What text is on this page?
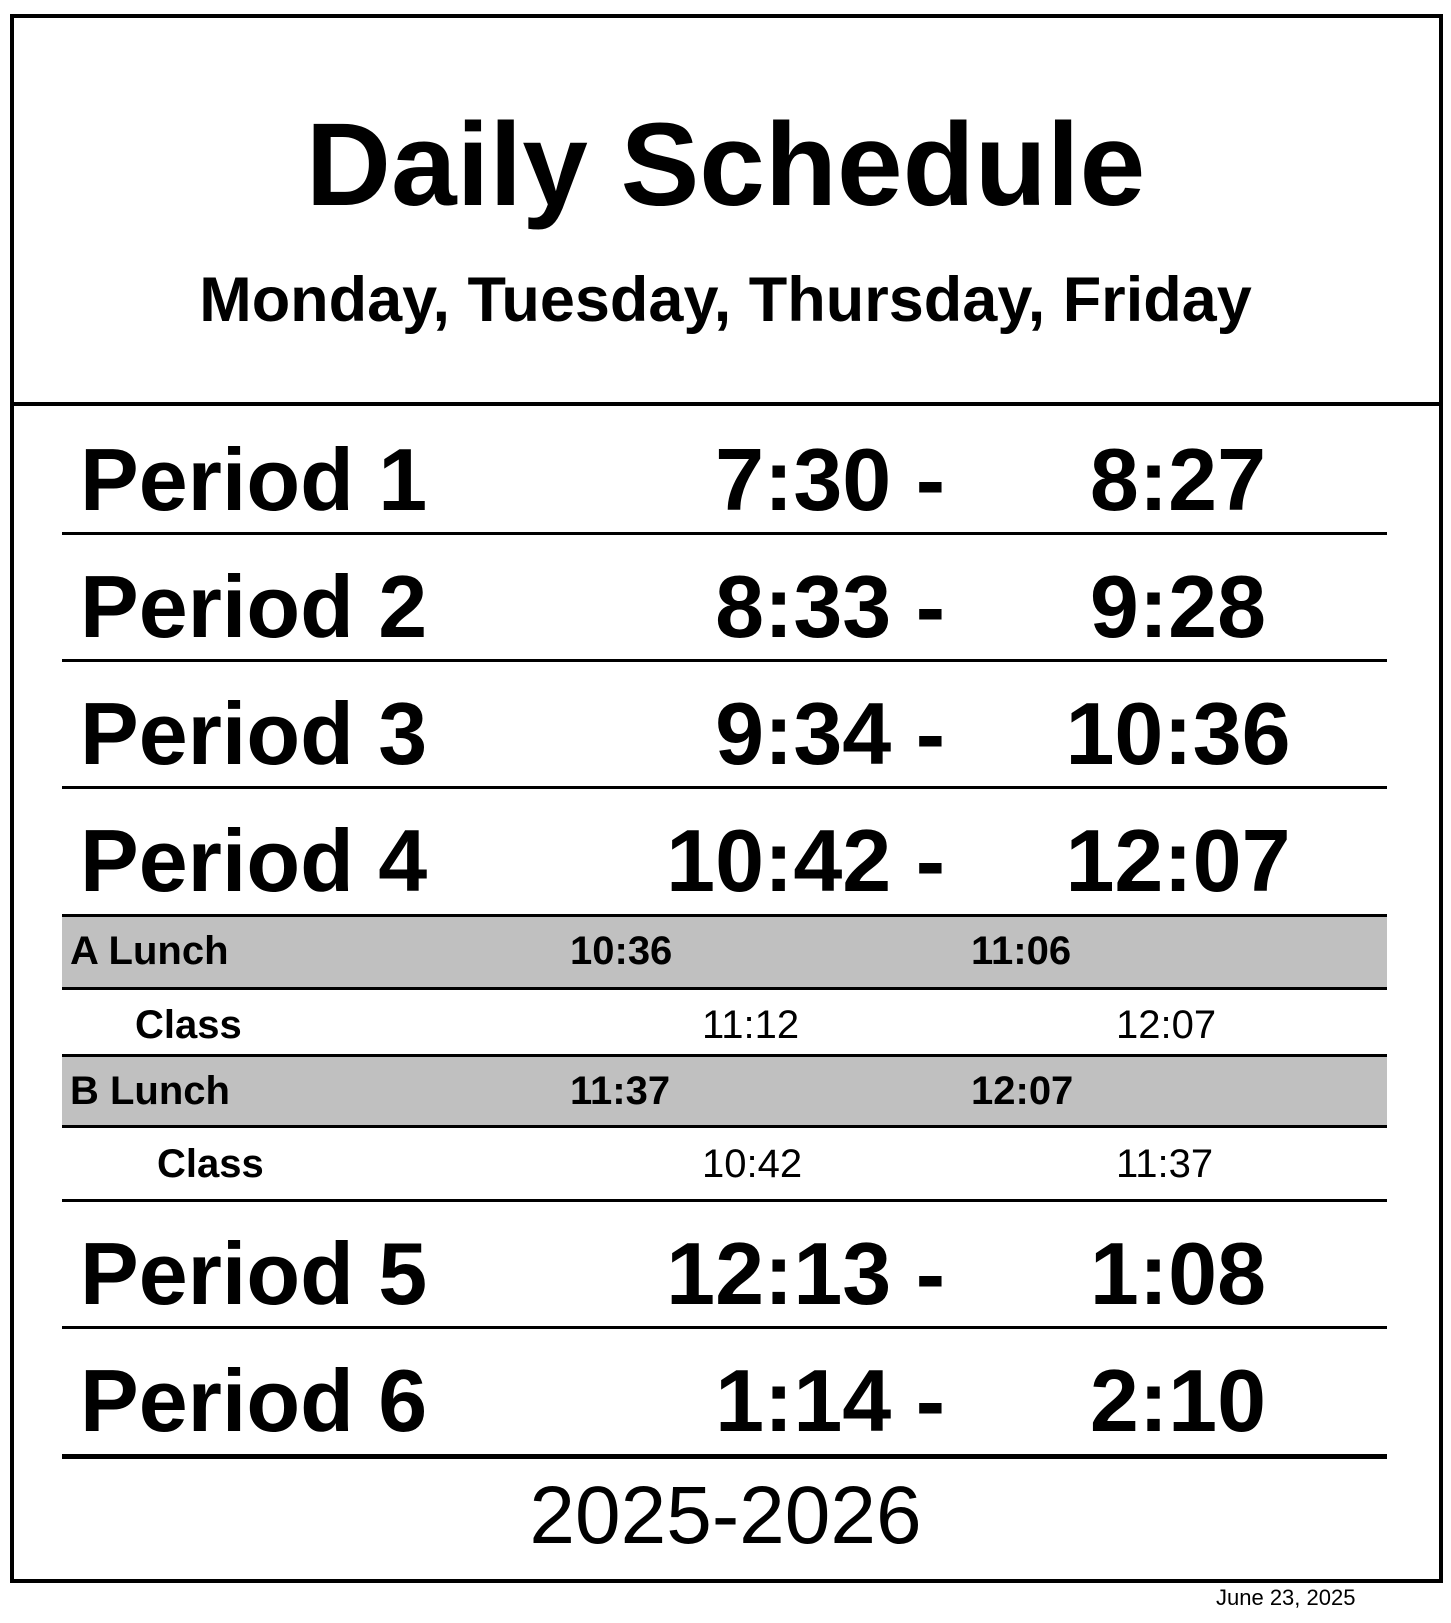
Daily Schedule
Monday, Tuesday, Thursday, Friday
Period 1	7:30 - 8:27
Period 2	8:33 - 9:28
Period 3	9:34 - 10:36
Period 4	10:42 - 12:07
A Lunch	10:36	11:06
Class	11:12	12:07
B Lunch	11:37	12:07
Class	10:42	11:37
Period 5	12:13 - 1:08
Period 6	1:14 - 2:10
2025-2026
June 23, 2025
